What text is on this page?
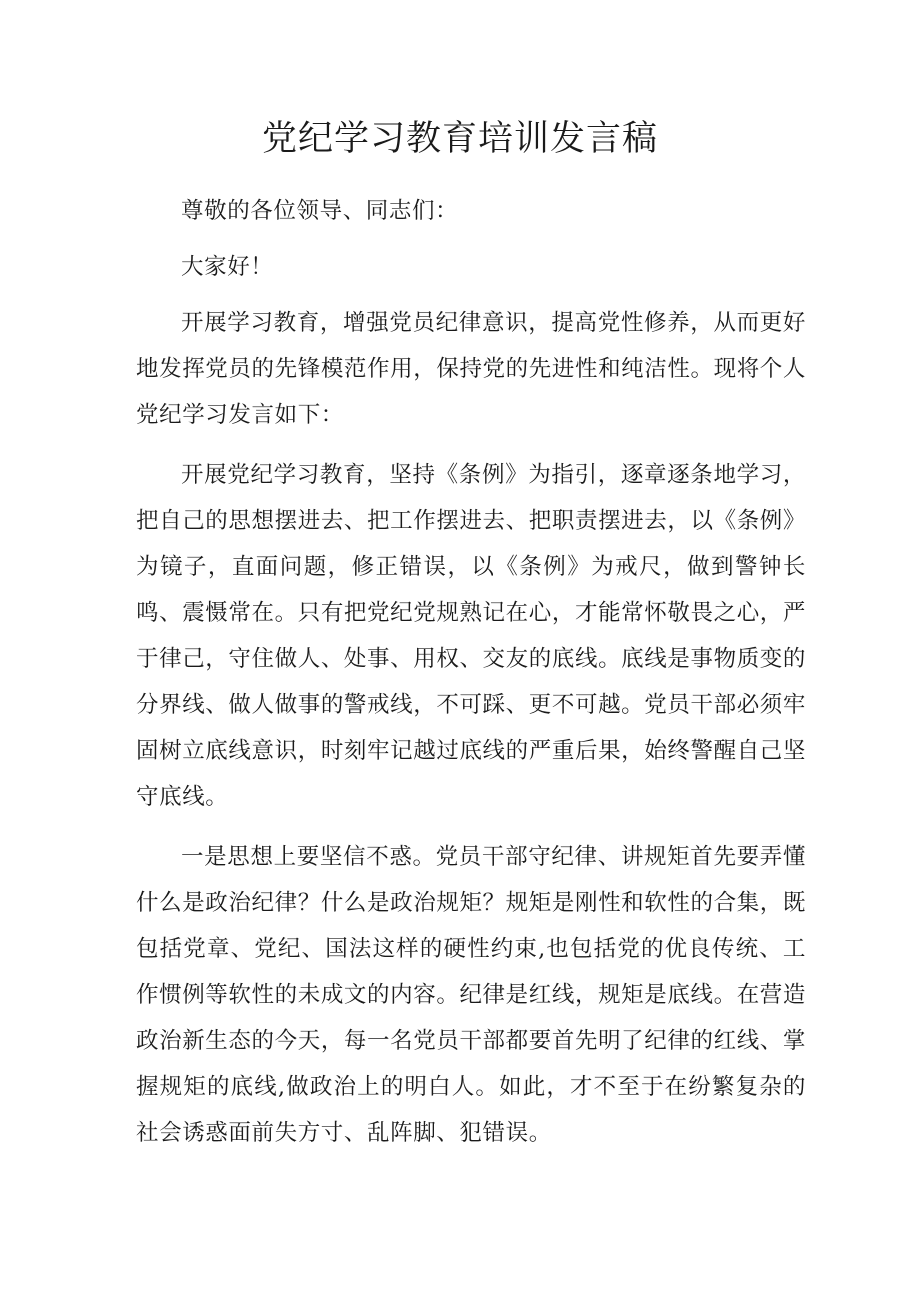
党纪学习教育培训发言稿

尊敬的各位领导、同志们：

大家好！

开展学习教育，增强党员纪律意识，提高党性修养，从而更好地发挥党员的先锋模范作用，保持党的先进性和纯洁性。现将个人党纪学习发言如下：

开展党纪学习教育，坚持《条例》为指引，逐章逐条地学习，把自己的思想摆进去、把工作摆进去、把职责摆进去，以《条例》为镜子，直面问题，修正错误，以《条例》为戒尺，做到警钟长鸣、震慑常在。只有把党纪党规熟记在心，才能常怀敬畏之心，严于律己，守住做人、处事、用权、交友的底线。底线是事物质变的分界线、做人做事的警戒线，不可踩、更不可越。党员干部必须牢固树立底线意识，时刻牢记越过底线的严重后果，始终警醒自己坚守底线。

一是思想上要坚信不惑。党员干部守纪律、讲规矩首先要弄懂什么是政治纪律？什么是政治规矩？规矩是刚性和软性的合集，既包括党章、党纪、国法这样的硬性约束,也包括党的优良传统、工作惯例等软性的未成文的内容。纪律是红线，规矩是底线。在营造政治新生态的今天，每一名党员干部都要首先明了纪律的红线、掌握规矩的底线,做政治上的明白人。如此，才不至于在纷繁复杂的社会诱惑面前失方寸、乱阵脚、犯错误。
